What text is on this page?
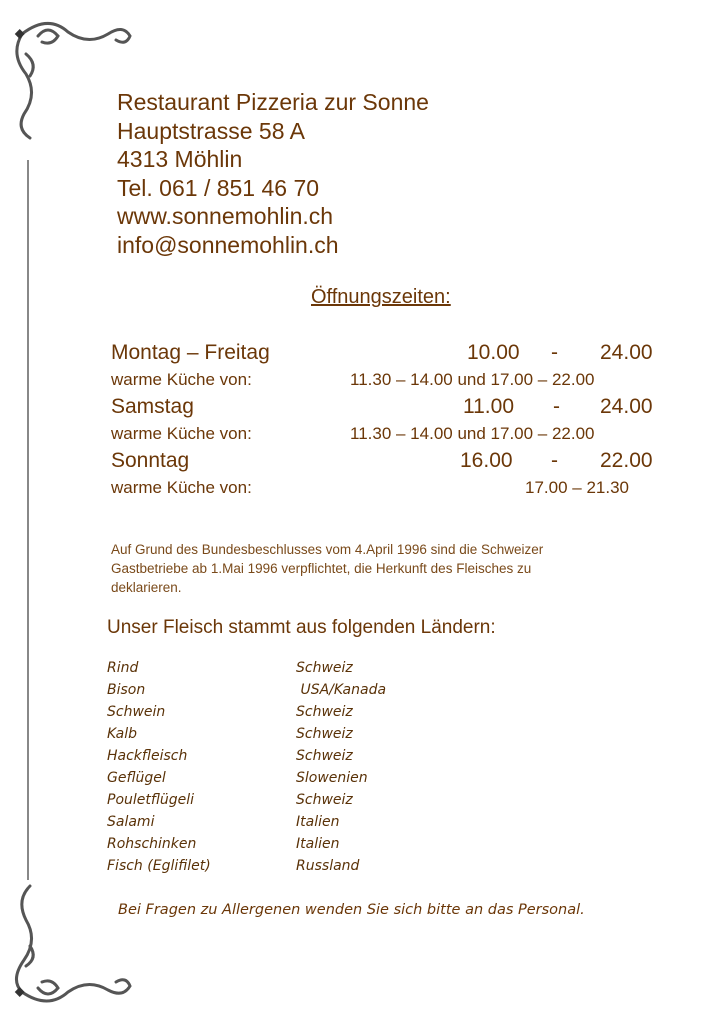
Restaurant Pizzeria zur Sonne
Hauptstrasse 58 A
4313 Möhlin
Tel. 061 / 851 46 70
www.sonnemohlin.ch
info@sonnemohlin.ch
Öffnungszeiten:
Montag – Freitag	10.00 - 24.00
warme Küche von:	11.30 – 14.00 und 17.00 – 22.00
Samstag	11.00 - 24.00
warme Küche von:	11.30 – 14.00 und 17.00 – 22.00
Sonntag	16.00 - 22.00
warme Küche von:	17.00 – 21.30
Auf Grund des Bundesbeschlusses vom 4.April 1996 sind die Schweizer
Gastbetriebe ab 1.Mai 1996 verpflichtet, die Herkunft des Fleisches zu
deklarieren.
Unser Fleisch stammt aus folgenden Ländern:
Rind	Schweiz
Bison	USA/Kanada
Schwein	Schweiz
Kalb	Schweiz
Hackfleisch	Schweiz
Geflügel	Slowenien
Pouletflügeli	Schweiz
Salami	Italien
Rohschinken	Italien
Fisch (Eglifilet)	Russland
Bei Fragen zu Allergenen wenden Sie sich bitte an das Personal.
